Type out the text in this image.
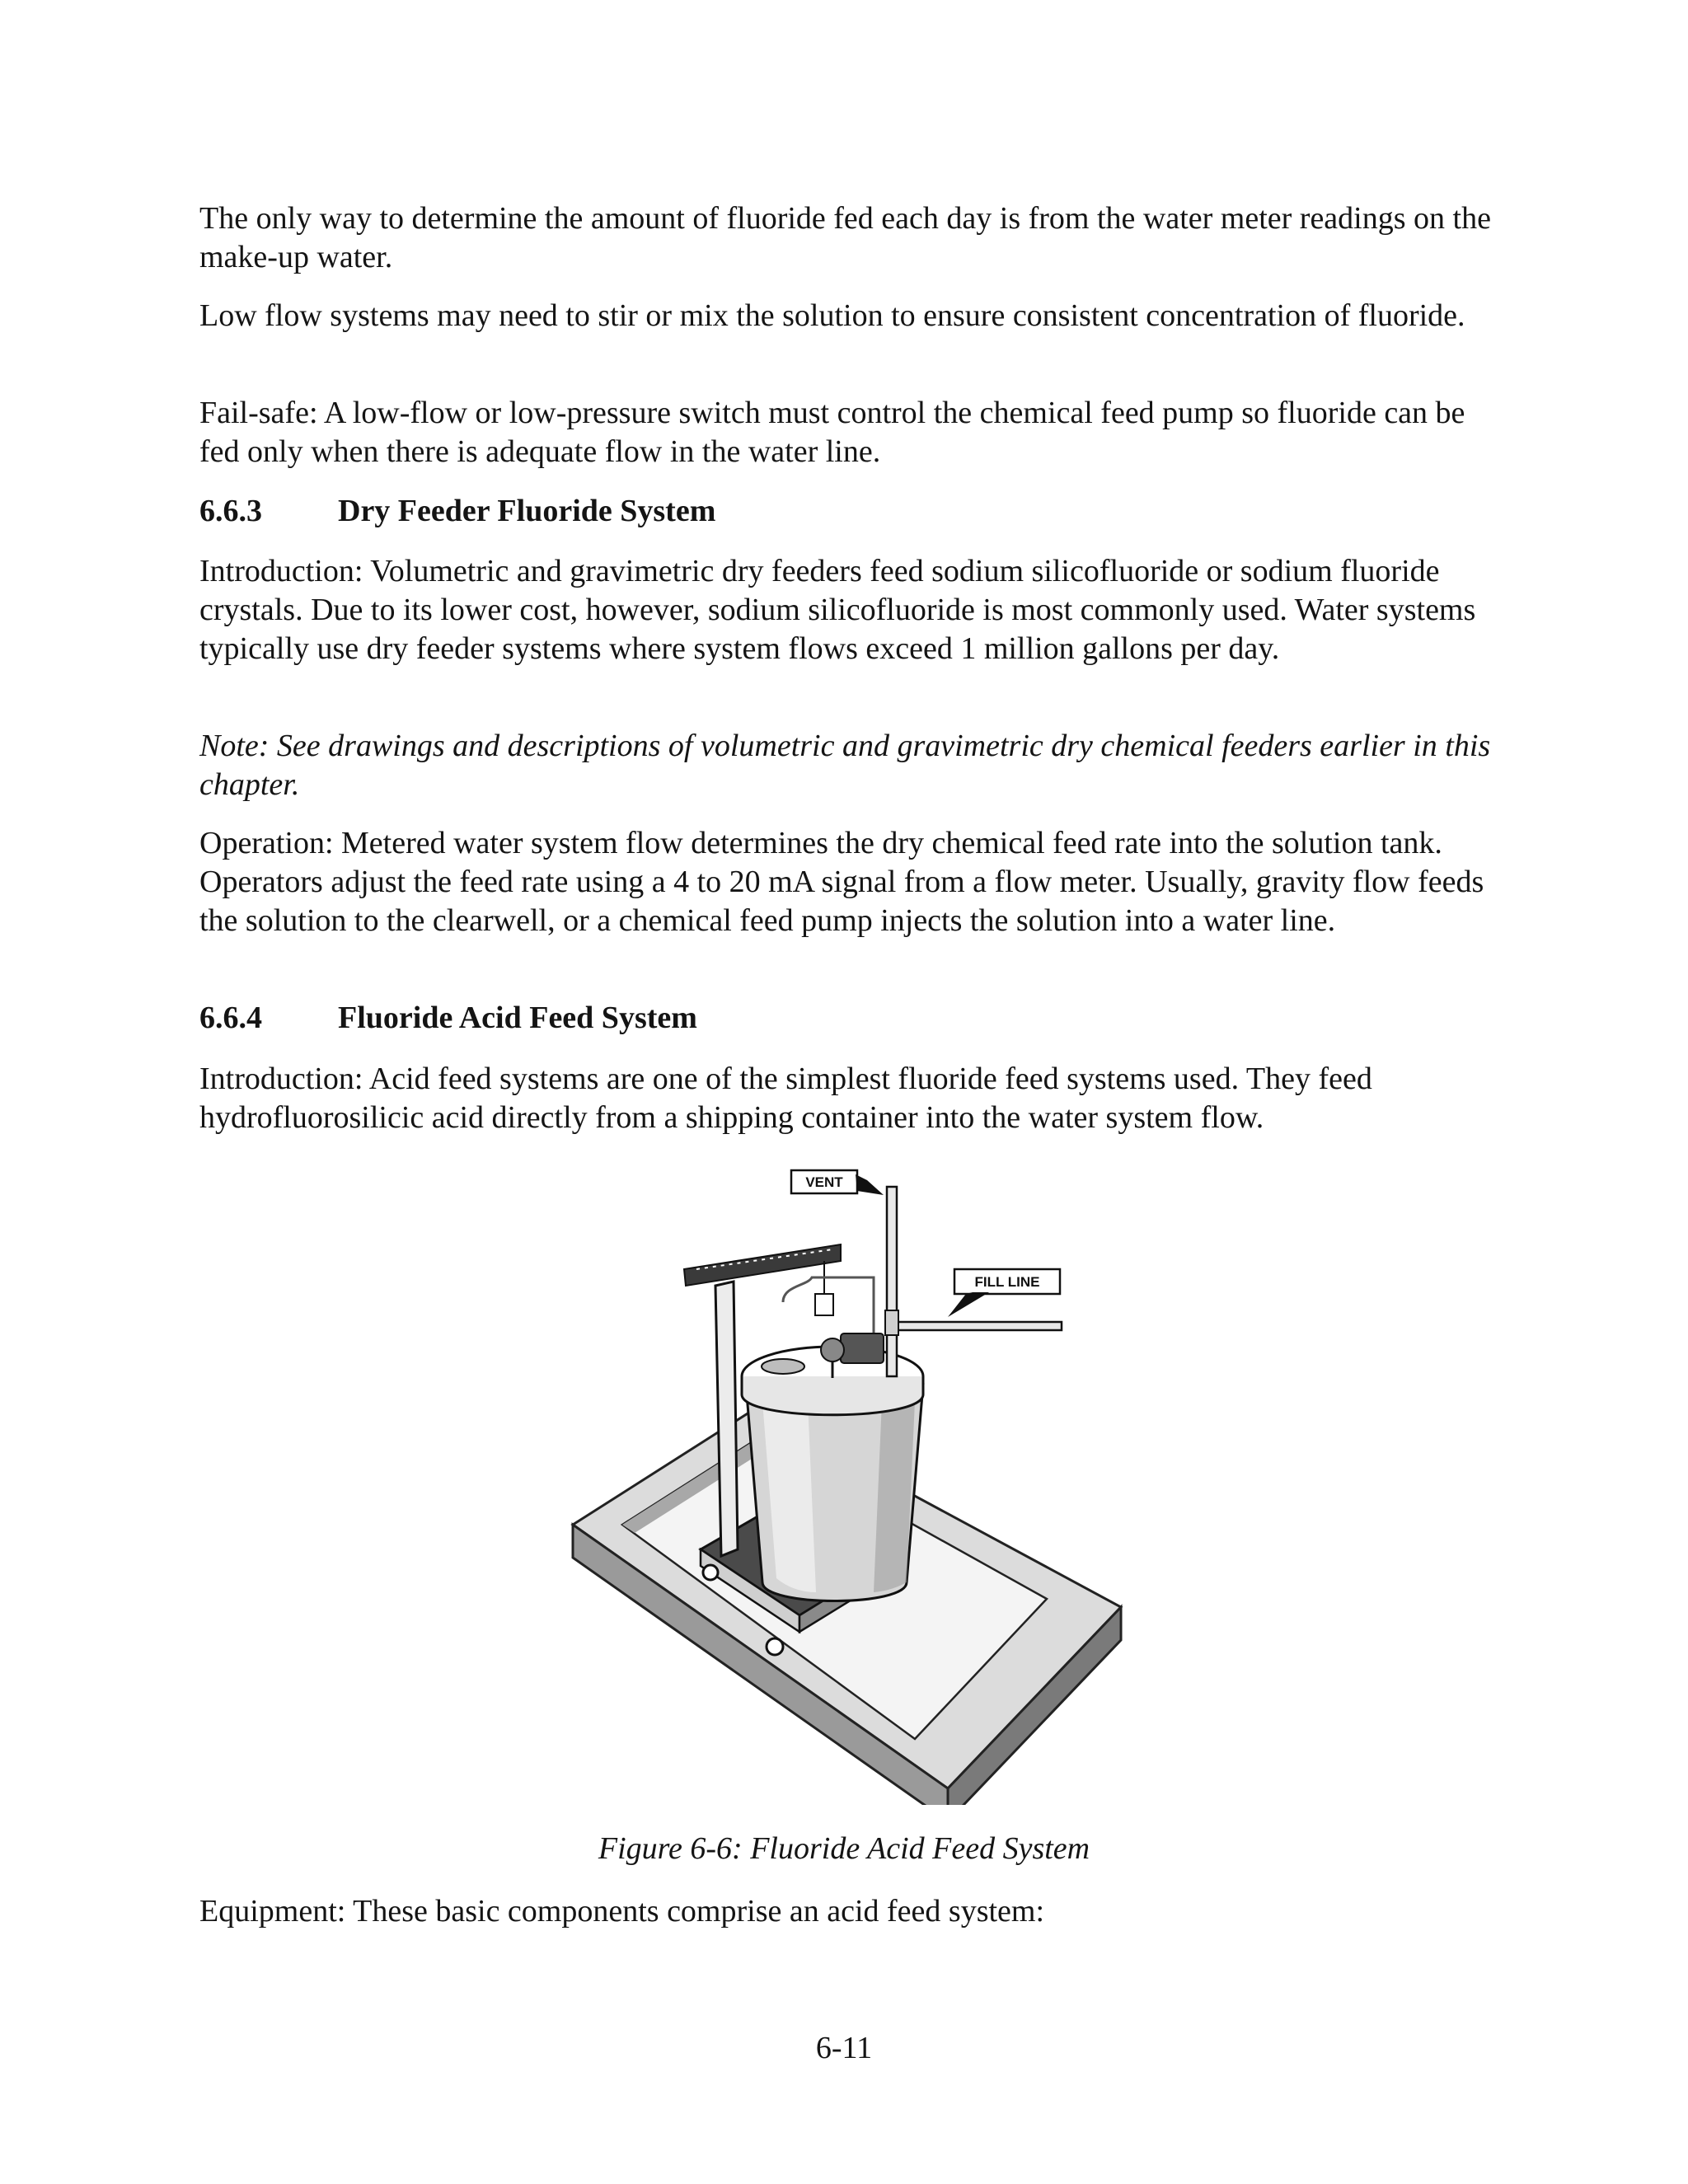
The only way to determine the amount of fluoride fed each day is from the water meter readings on the make-up water.

Low flow systems may need to stir or mix the solution to ensure consistent concentration of fluoride.

Fail-safe: A low-flow or low-pressure switch must control the chemical feed pump so fluoride can be fed only when there is adequate flow in the water line.

6.6.3 Dry Feeder Fluoride System

Introduction: Volumetric and gravimetric dry feeders feed sodium silicofluoride or sodium fluoride crystals. Due to its lower cost, however, sodium silicofluoride is most commonly used. Water systems typically use dry feeder systems where system flows exceed 1 million gallons per day.

Note: See drawings and descriptions of volumetric and gravimetric dry chemical feeders earlier in this chapter.

Operation: Metered water system flow determines the dry chemical feed rate into the solution tank. Operators adjust the feed rate using a 4 to 20 mA signal from a flow meter. Usually, gravity flow feeds the solution to the clearwell, or a chemical feed pump injects the solution into a water line.

6.6.4 Fluoride Acid Feed System

Introduction: Acid feed systems are one of the simplest fluoride feed systems used. They feed hydrofluorosilicic acid directly from a shipping container into the water system flow.

VENT
FILL LINE

Figure 6-6: Fluoride Acid Feed System

Equipment: These basic components comprise an acid feed system:

6-11
